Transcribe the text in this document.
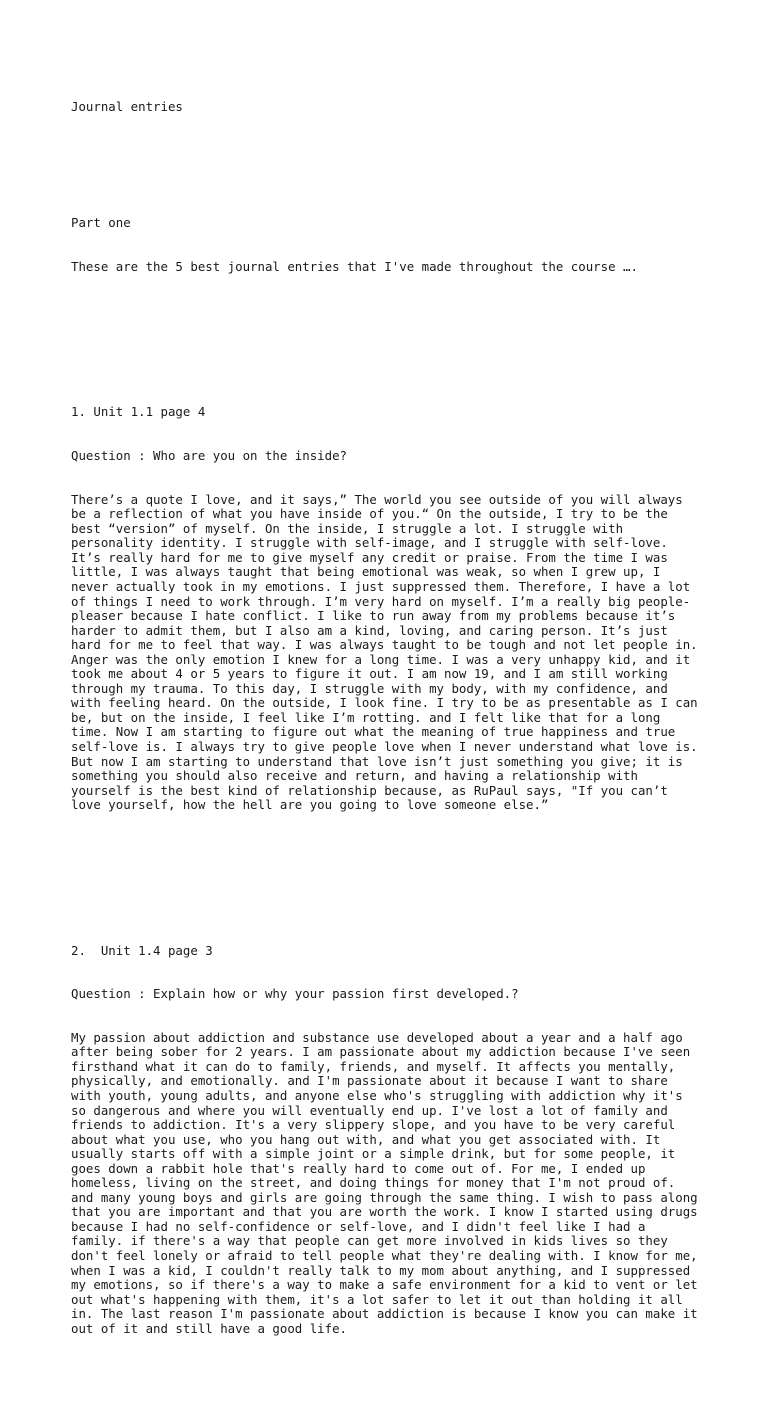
Journal entries

Part one

These are the 5 best journal entries that I've made throughout the course ….

1. Unit 1.1 page 4

Question : Who are you on the inside?

There’s a quote I love, and it says,” The world you see outside of you will always be a reflection of what you have inside of you.“ On the outside, I try to be the best “version” of myself. On the inside, I struggle a lot. I struggle with personality identity. I struggle with self-image, and I struggle with self-love. It’s really hard for me to give myself any credit or praise. From the time I was little, I was always taught that being emotional was weak, so when I grew up, I never actually took in my emotions. I just suppressed them. Therefore, I have a lot of things I need to work through. I’m very hard on myself. I’m a really big people-pleaser because I hate conflict. I like to run away from my problems because it’s harder to admit them, but I also am a kind, loving, and caring person. It’s just hard for me to feel that way. I was always taught to be tough and not let people in. Anger was the only emotion I knew for a long time. I was a very unhappy kid, and it took me about 4 or 5 years to figure it out. I am now 19, and I am still working through my trauma. To this day, I struggle with my body, with my confidence, and with feeling heard. On the outside, I look fine. I try to be as presentable as I can be, but on the inside, I feel like I’m rotting. and I felt like that for a long time. Now I am starting to figure out what the meaning of true happiness and true self-love is. I always try to give people love when I never understand what love is. But now I am starting to understand that love isn’t just something you give; it is something you should also receive and return, and having a relationship with yourself is the best kind of relationship because, as RuPaul says, "If you can’t love yourself, how the hell are you going to love someone else.”

2.  Unit 1.4 page 3

Question : Explain how or why your passion first developed.?

My passion about addiction and substance use developed about a year and a half ago after being sober for 2 years. I am passionate about my addiction because I've seen firsthand what it can do to family, friends, and myself. It affects you mentally, physically, and emotionally. and I'm passionate about it because I want to share with youth, young adults, and anyone else who's struggling with addiction why it's so dangerous and where you will eventually end up. I've lost a lot of family and friends to addiction. It's a very slippery slope, and you have to be very careful about what you use, who you hang out with, and what you get associated with. It usually starts off with a simple joint or a simple drink, but for some people, it goes down a rabbit hole that's really hard to come out of. For me, I ended up homeless, living on the street, and doing things for money that I'm not proud of. and many young boys and girls are going through the same thing. I wish to pass along that you are important and that you are worth the work. I know I started using drugs because I had no self-confidence or self-love, and I didn't feel like I had a family. if there's a way that people can get more involved in kids lives so they don't feel lonely or afraid to tell people what they're dealing with. I know for me, when I was a kid, I couldn't really talk to my mom about anything, and I suppressed my emotions, so if there's a way to make a safe environment for a kid to vent or let out what's happening with them, it's a lot safer to let it out than holding it all in. The last reason I'm passionate about addiction is because I know you can make it out of it and still have a good life.
